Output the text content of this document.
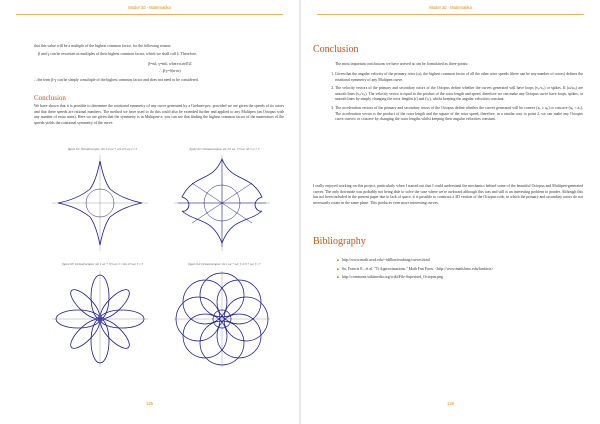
Model 3d - Matematika
that this value will be a multiple of the highest common factor, for the following reason:
β and γ can be rewritten as multiples of their highest common factor, which we shall call δ. Therefore,
β=nδ, γ=mδ, where n,m∈ℤ
∴ β-γ=δ(n-m)
∴ the term β-γ can be simply a multiple of the highest common factor and does not need to be considered.
Conclusion
We have shown that it is possible to determine the rotational symmetry of any curve generated by a Grebner-pec, provided we are given the speeds of its rotors and that these speeds are rational numbers. The method we have used to do this could also be extended further and applied to any Multipen (an Octopus with any number of extra arms). Here we are given that the symmetry is in Multipen-x; you can see that finding the highest common factor of the numerators of the speeds yields the rotational symmetry of the curve.
figure 61: Octoalcocopus: sin 1/2 ωt + cos 2/3 ωt; f ≈ 5	figure 62: Octoalcocopus: sin 1/2 ωt, 1/3 ωt; 20 ≈ ω ≈ 5
figure 63: Octoalcocopus: sin 1 ωt + 3/5 ωt; 2 ≈ sin 2/3 ωt; f ≈ 3	figure 64: Octoalcocopus: sin 1 ωt + ωt; f: 2/3 + ωt; f ≈ 7
125
Model 3d - Matematika
Conclusion
The most important conclusions we have arrived at can be formulated as three points:
1. Given that the angular velocity of the primary rotor (ω), the highest common factor of all the other rotor speeds (there can be any number of rotors) defines the rotational symmetry of any Multipen curve.
2. The velocity vectors of the primary and secondary rotors of the Octopus define whether the curves generated will have loops (vₛ/vₚ) or spikes. If (ω/ωₛ) are smooth lines (vₛ/vₚ). The velocity vector is equal to the product of the rotor length and speed, therefore we can make any Octopus curve have loops, spikes, or smooth lines by simply changing the rotor lengths (r) and (rₛ), whilst keeping the angular velocities constant.
3. The acceleration vectors of the primary and secondary rotors of the Octopus define whether the curves generated will be convex (aₛ ≥ aₚ) or concave (aₚ < aₛ). The acceleration vector is the product of the rotor length and the square of the rotor speed, therefore, in a similar way to point 2, we can make any Octopus curve convex or concave by changing the rotor lengths whilst keeping their angular velocities constant.
I really enjoyed working on this project, particularly when I started out that I could understand the mechanics behind some of the beautiful Octopus and Multipen-generated curves. The only downside was probably not being able to solve the case where we're awkward although this was and still is an interesting problem to ponder. Although this has not been included in the present paper due to lack of space, it is possible to construct a 3D version of the Octopus rods, in which the primary and secondary rotors do not necessarily rotate in the same plane. This produces even more interesting curves.
Bibliography
■ http://www.math.ucsd.edu/~tdillon/teaching/curves.html
■ Su, Francis E., et al. "Ti Approximations." Math Fun Facts. <http://www.math.hmc.edu/funfacts>
■ http://commons.wikimedia.org/wiki/File:Superised_Octopus.png
126
